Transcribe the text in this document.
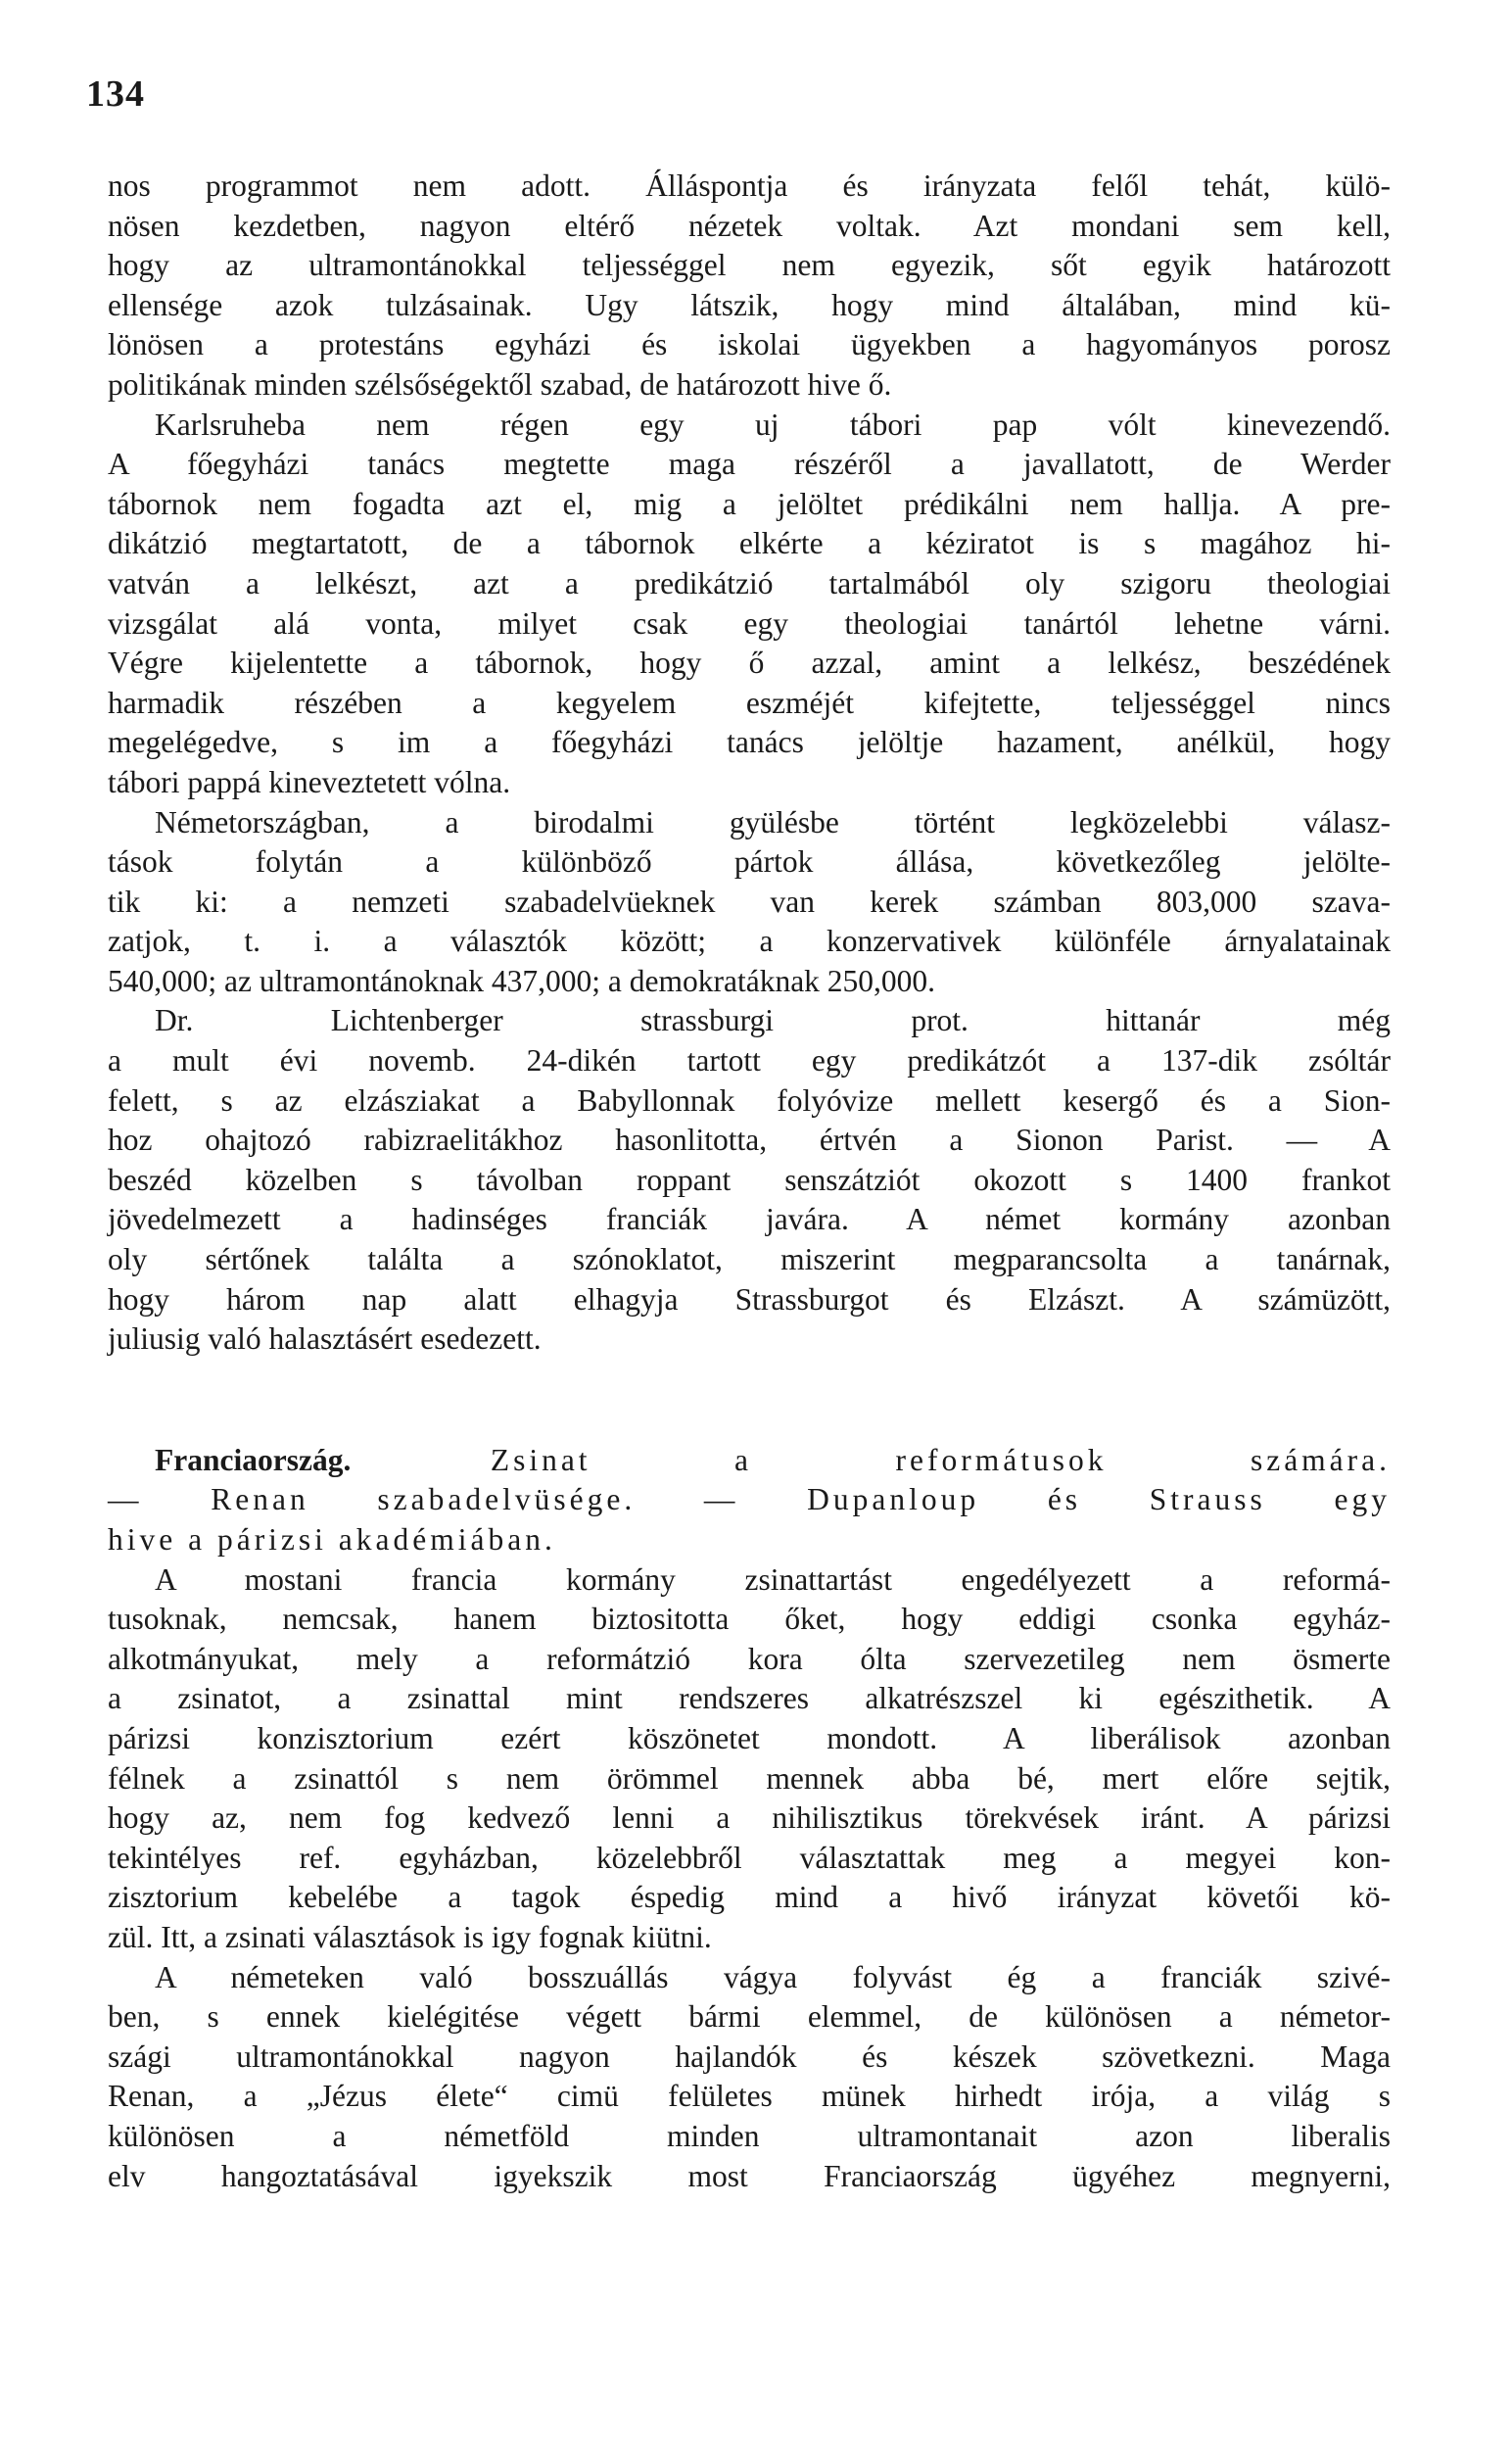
134
nos programmot nem adott. Álláspontja és irányzata felől tehát, külö-
nösen kezdetben, nagyon eltérő nézetek voltak. Azt mondani sem kell,
hogy az ultramontánokkal teljességgel nem egyezik, sőt egyik határozott
ellensége azok tulzásainak. Ugy látszik, hogy mind általában, mind kü-
lönösen a protestáns egyházi és iskolai ügyekben a hagyományos porosz
politikának minden szélsőségektől szabad, de határozott hive ő.
Karlsruheba nem régen egy uj tábori pap vólt kinevezendő.
A főegyházi tanács megtette maga részéről a javallatott, de Werder
tábornok nem fogadta azt el, mig a jelöltet prédikálni nem hallja. A pre-
dikátzió megtartatott, de a tábornok elkérte a kéziratot is s magához hi-
vatván a lelkészt, azt a predikátzió tartalmából oly szigoru theologiai
vizsgálat alá vonta, milyet csak egy theologiai tanártól lehetne várni.
Végre kijelentette a tábornok, hogy ő azzal, amint a lelkész, beszédének
harmadik részében a kegyelem eszméjét kifejtette, teljességgel nincs
megelégedve, s im a főegyházi tanács jelöltje hazament, anélkül, hogy
tábori pappá kineveztetett vólna.
Németországban, a birodalmi gyülésbe történt legközelebbi válasz-
tások folytán a különböző pártok állása, következőleg jelölte-
tik ki: a nemzeti szabadelvüeknek van kerek számban 803,000 szava-
zatjok, t. i. a választók között; a konzervativek különféle árnyalatainak
540,000; az ultramontánoknak 437,000; a demokratáknak 250,000.
Dr. Lichtenberger strassburgi prot. hittanár még
a mult évi novemb. 24-dikén tartott egy predikátzót a 137-dik zsóltár
felett, s az elzásziakat a Babyllonnak folyóvize mellett kesergő és a Sion-
hoz ohajtozó rabizraelitákhoz hasonlitotta, értvén a Sionon Parist. — A
beszéd közelben s távolban roppant senszátziót okozott s 1400 frankot
jövedelmezett a hadinséges franciák javára. A német kormány azonban
oly sértőnek találta a szónoklatot, miszerint megparancsolta a tanárnak,
hogy három nap alatt elhagyja Strassburgot és Elzászt. A számüzött,
juliusig való halasztásért esedezett.
Franciaország.	Zsinat a reformátusok számára.
— Renan szabadelvüsége. — Dupanloup és Strauss egy
hive a párizsi akadémiában.
A mostani francia kormány zsinattartást engedélyezett a reformá-
tusoknak, nemcsak, hanem biztositotta őket, hogy eddigi csonka egyház-
alkotmányukat, mely a reformátzió kora ólta szervezetileg nem ösmerte
a zsinatot, a zsinattal mint rendszeres alkatrészszel ki egészithetik. A
párizsi konzisztorium ezért köszönetet mondott. A liberálisok azonban
félnek a zsinattól s nem örömmel mennek abba bé, mert előre sejtik,
hogy az, nem fog kedvező lenni a nihilisztikus törekvések iránt. A párizsi
tekintélyes ref. egyházban, közelebbről választattak meg a megyei kon-
zisztorium kebelébe a tagok éspedig mind a hivő irányzat követői kö-
zül. Itt, a zsinati választások is igy fognak kiütni.
A németeken való bosszuállás vágya folyvást ég a franciák szivé-
ben, s ennek kielégitése végett bármi elemmel, de különösen a németor-
szági ultramontánokkal nagyon hajlandók és készek szövetkezni. Maga
Renan, a „Jézus élete“ cimü felületes münek hirhedt irója, a világ s
különösen a németföld minden ultramontanait azon liberalis
elv hangoztatásával igyekszik most Franciaország ügyéhez megnyerni,
